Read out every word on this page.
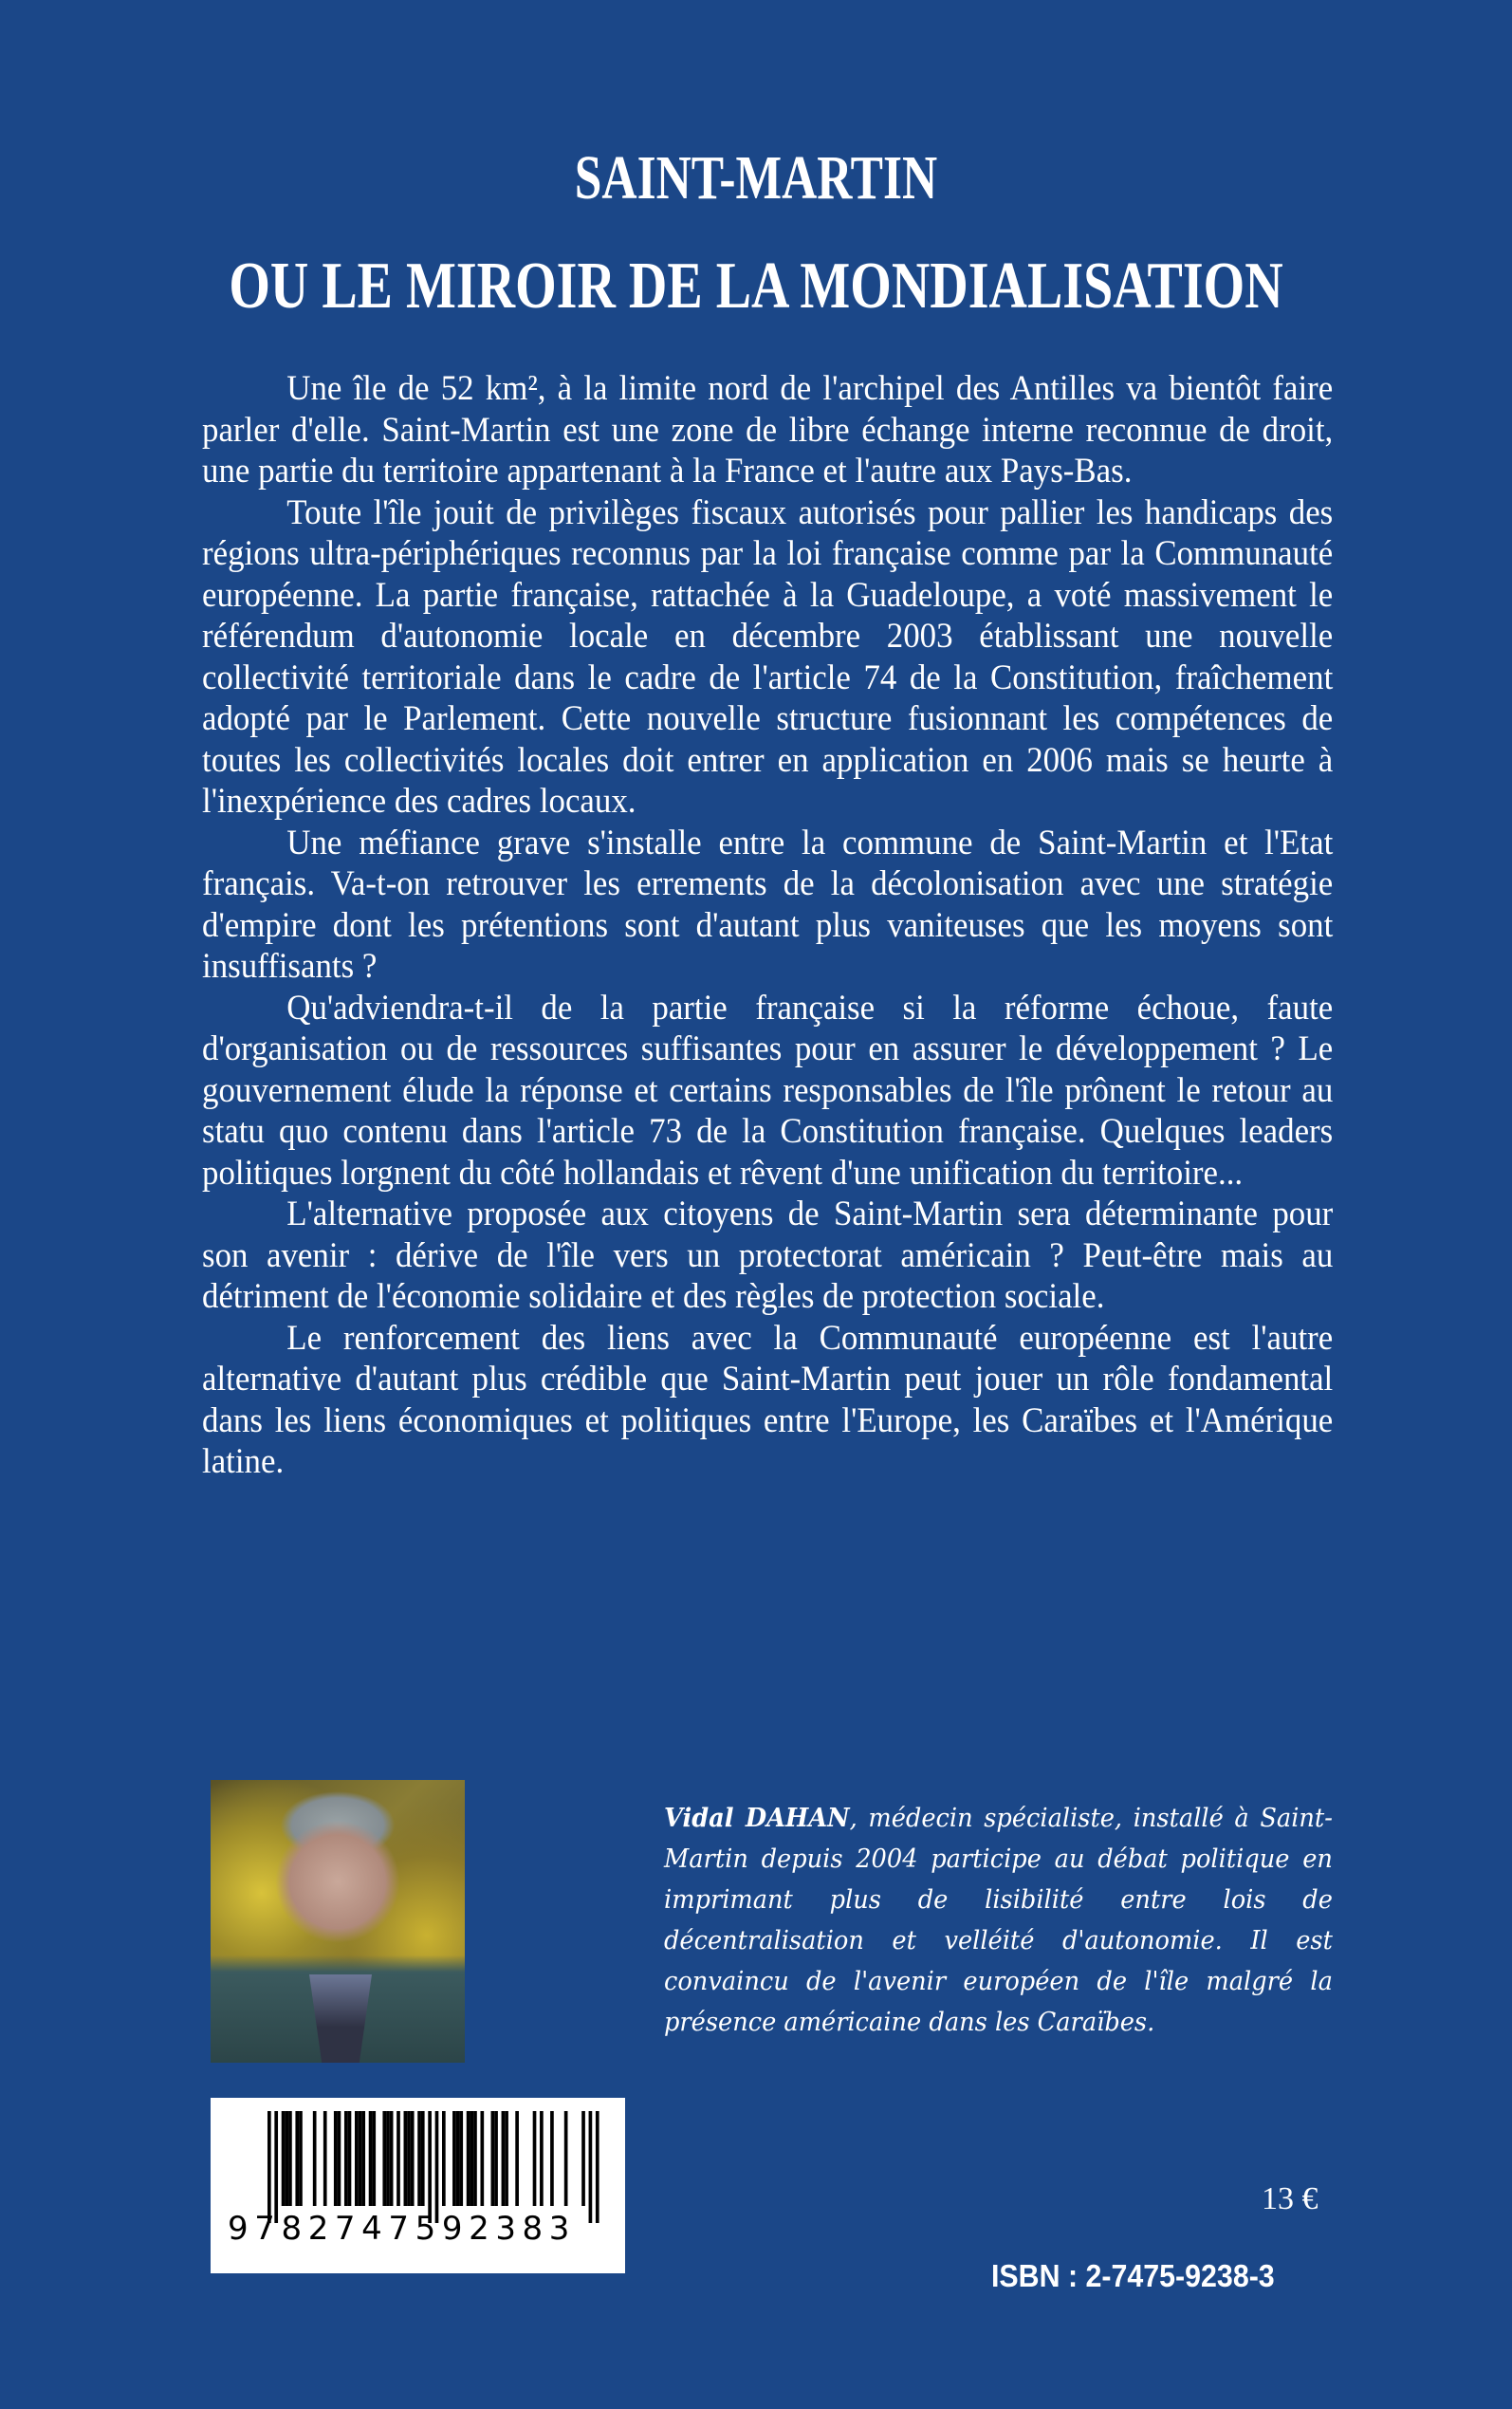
SAINT-MARTIN
OU LE MIROIR DE LA MONDIALISATION

Une île de 52 km², à la limite nord de l'archipel des Antilles va bientôt faire parler d'elle. Saint-Martin est une zone de libre échange interne reconnue de droit, une partie du territoire appartenant à la France et l'autre aux Pays-Bas.

Toute l'île jouit de privilèges fiscaux autorisés pour pallier les handicaps des régions ultra-périphériques reconnus par la loi française comme par la Communauté européenne. La partie française, rattachée à la Guadeloupe, a voté massivement le référendum d'autonomie locale en décembre 2003 établissant une nouvelle collectivité territoriale dans le cadre de l'article 74 de la Constitution, fraîchement adopté par le Parlement. Cette nouvelle structure fusionnant les compétences de toutes les collectivités locales doit entrer en application en 2006 mais se heurte à l'inexpérience des cadres locaux.

Une méfiance grave s'installe entre la commune de Saint-Martin et l'Etat français. Va-t-on retrouver les errements de la décolonisation avec une stratégie d'empire dont les prétentions sont d'autant plus vaniteuses que les moyens sont insuffisants ?

Qu'adviendra-t-il de la partie française si la réforme échoue, faute d'organisation ou de ressources suffisantes pour en assurer le développement ? Le gouvernement élude la réponse et certains responsables de l'île prônent le retour au statu quo contenu dans l'article 73 de la Constitution française. Quelques leaders politiques lorgnent du côté hollandais et rêvent d'une unification du territoire...

L'alternative proposée aux citoyens de Saint-Martin sera déterminante pour son avenir : dérive de l'île vers un protectorat américain ? Peut-être mais au détriment de l'économie solidaire et des règles de protection sociale.

Le renforcement des liens avec la Communauté européenne est l'autre alternative d'autant plus crédible que Saint-Martin peut jouer un rôle fondamental dans les liens économiques et politiques entre l'Europe, les Caraïbes et l'Amérique latine.

Vidal DAHAN, médecin spécialiste, installé à Saint-Martin depuis 2004 participe au débat politique en imprimant plus de lisibilité entre lois de décentralisation et velléité d'autonomie. Il est convaincu de l'avenir européen de l'île malgré la présence américaine dans les Caraïbes.
9782747592383
13 €
ISBN : 2-7475-9238-3
